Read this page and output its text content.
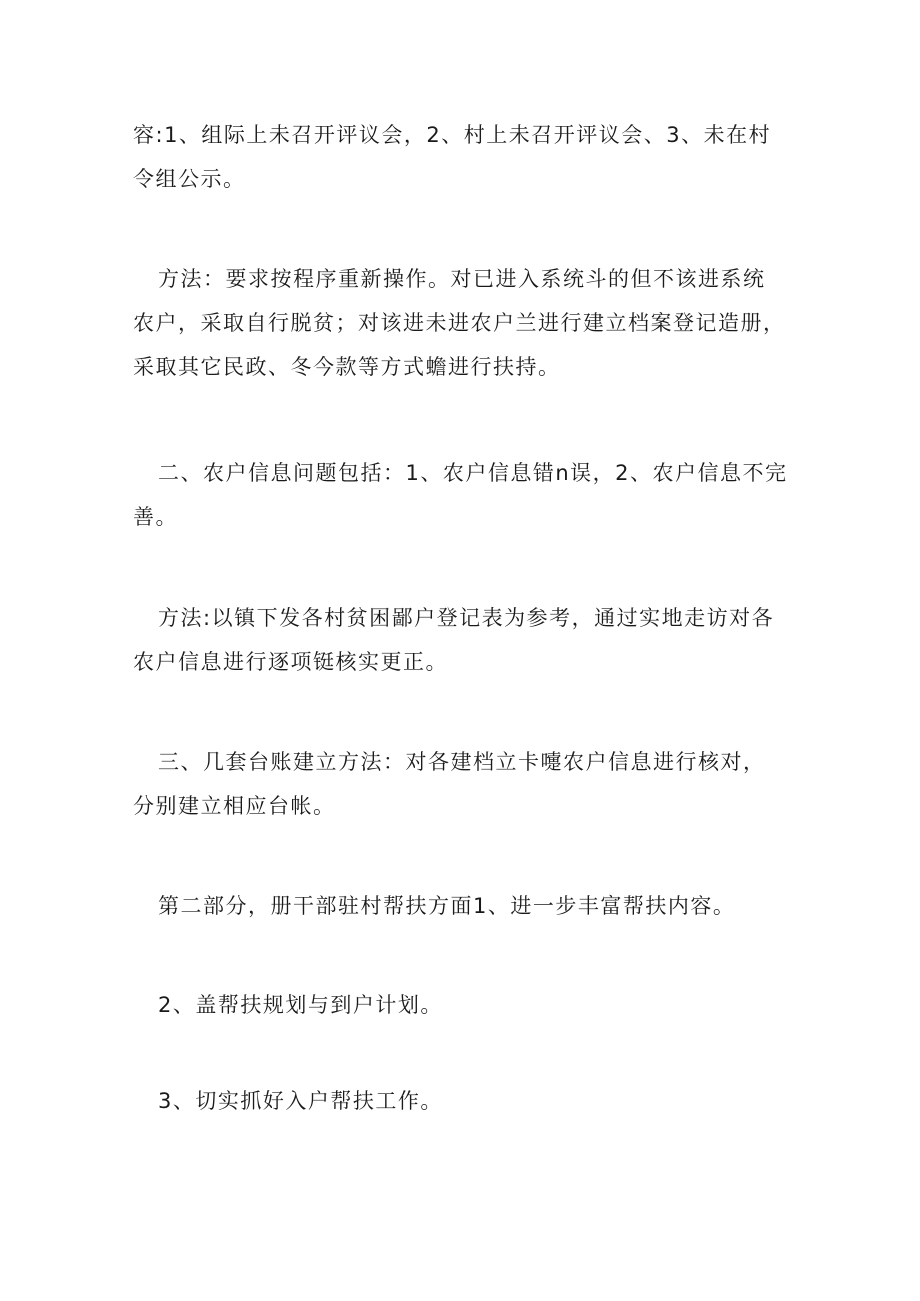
容:1、组际上未召开评议会，2、村上未召开评议会、3、未在村
令组公示。

方法：要求按程序重新操作。对已进入系统斗的但不该进系统
农户，采取自行脱贫；对该进未进农户兰进行建立档案登记造册，
采取其它民政、冬今款等方式蟾进行扶持。

二、农户信息问题包括：1、农户信息错n误，2、农户信息不完
善。

方法:以镇下发各村贫困鄙户登记表为参考，通过实地走访对各
农户信息进行逐项铤核实更正。

三、几套台账建立方法：对各建档立卡嚏农户信息进行核对，
分别建立相应台帐。

第二部分，册干部驻村帮扶方面1、进一步丰富帮扶内容。

2、盖帮扶规划与到户计划。

3、切实抓好入户帮扶工作。
